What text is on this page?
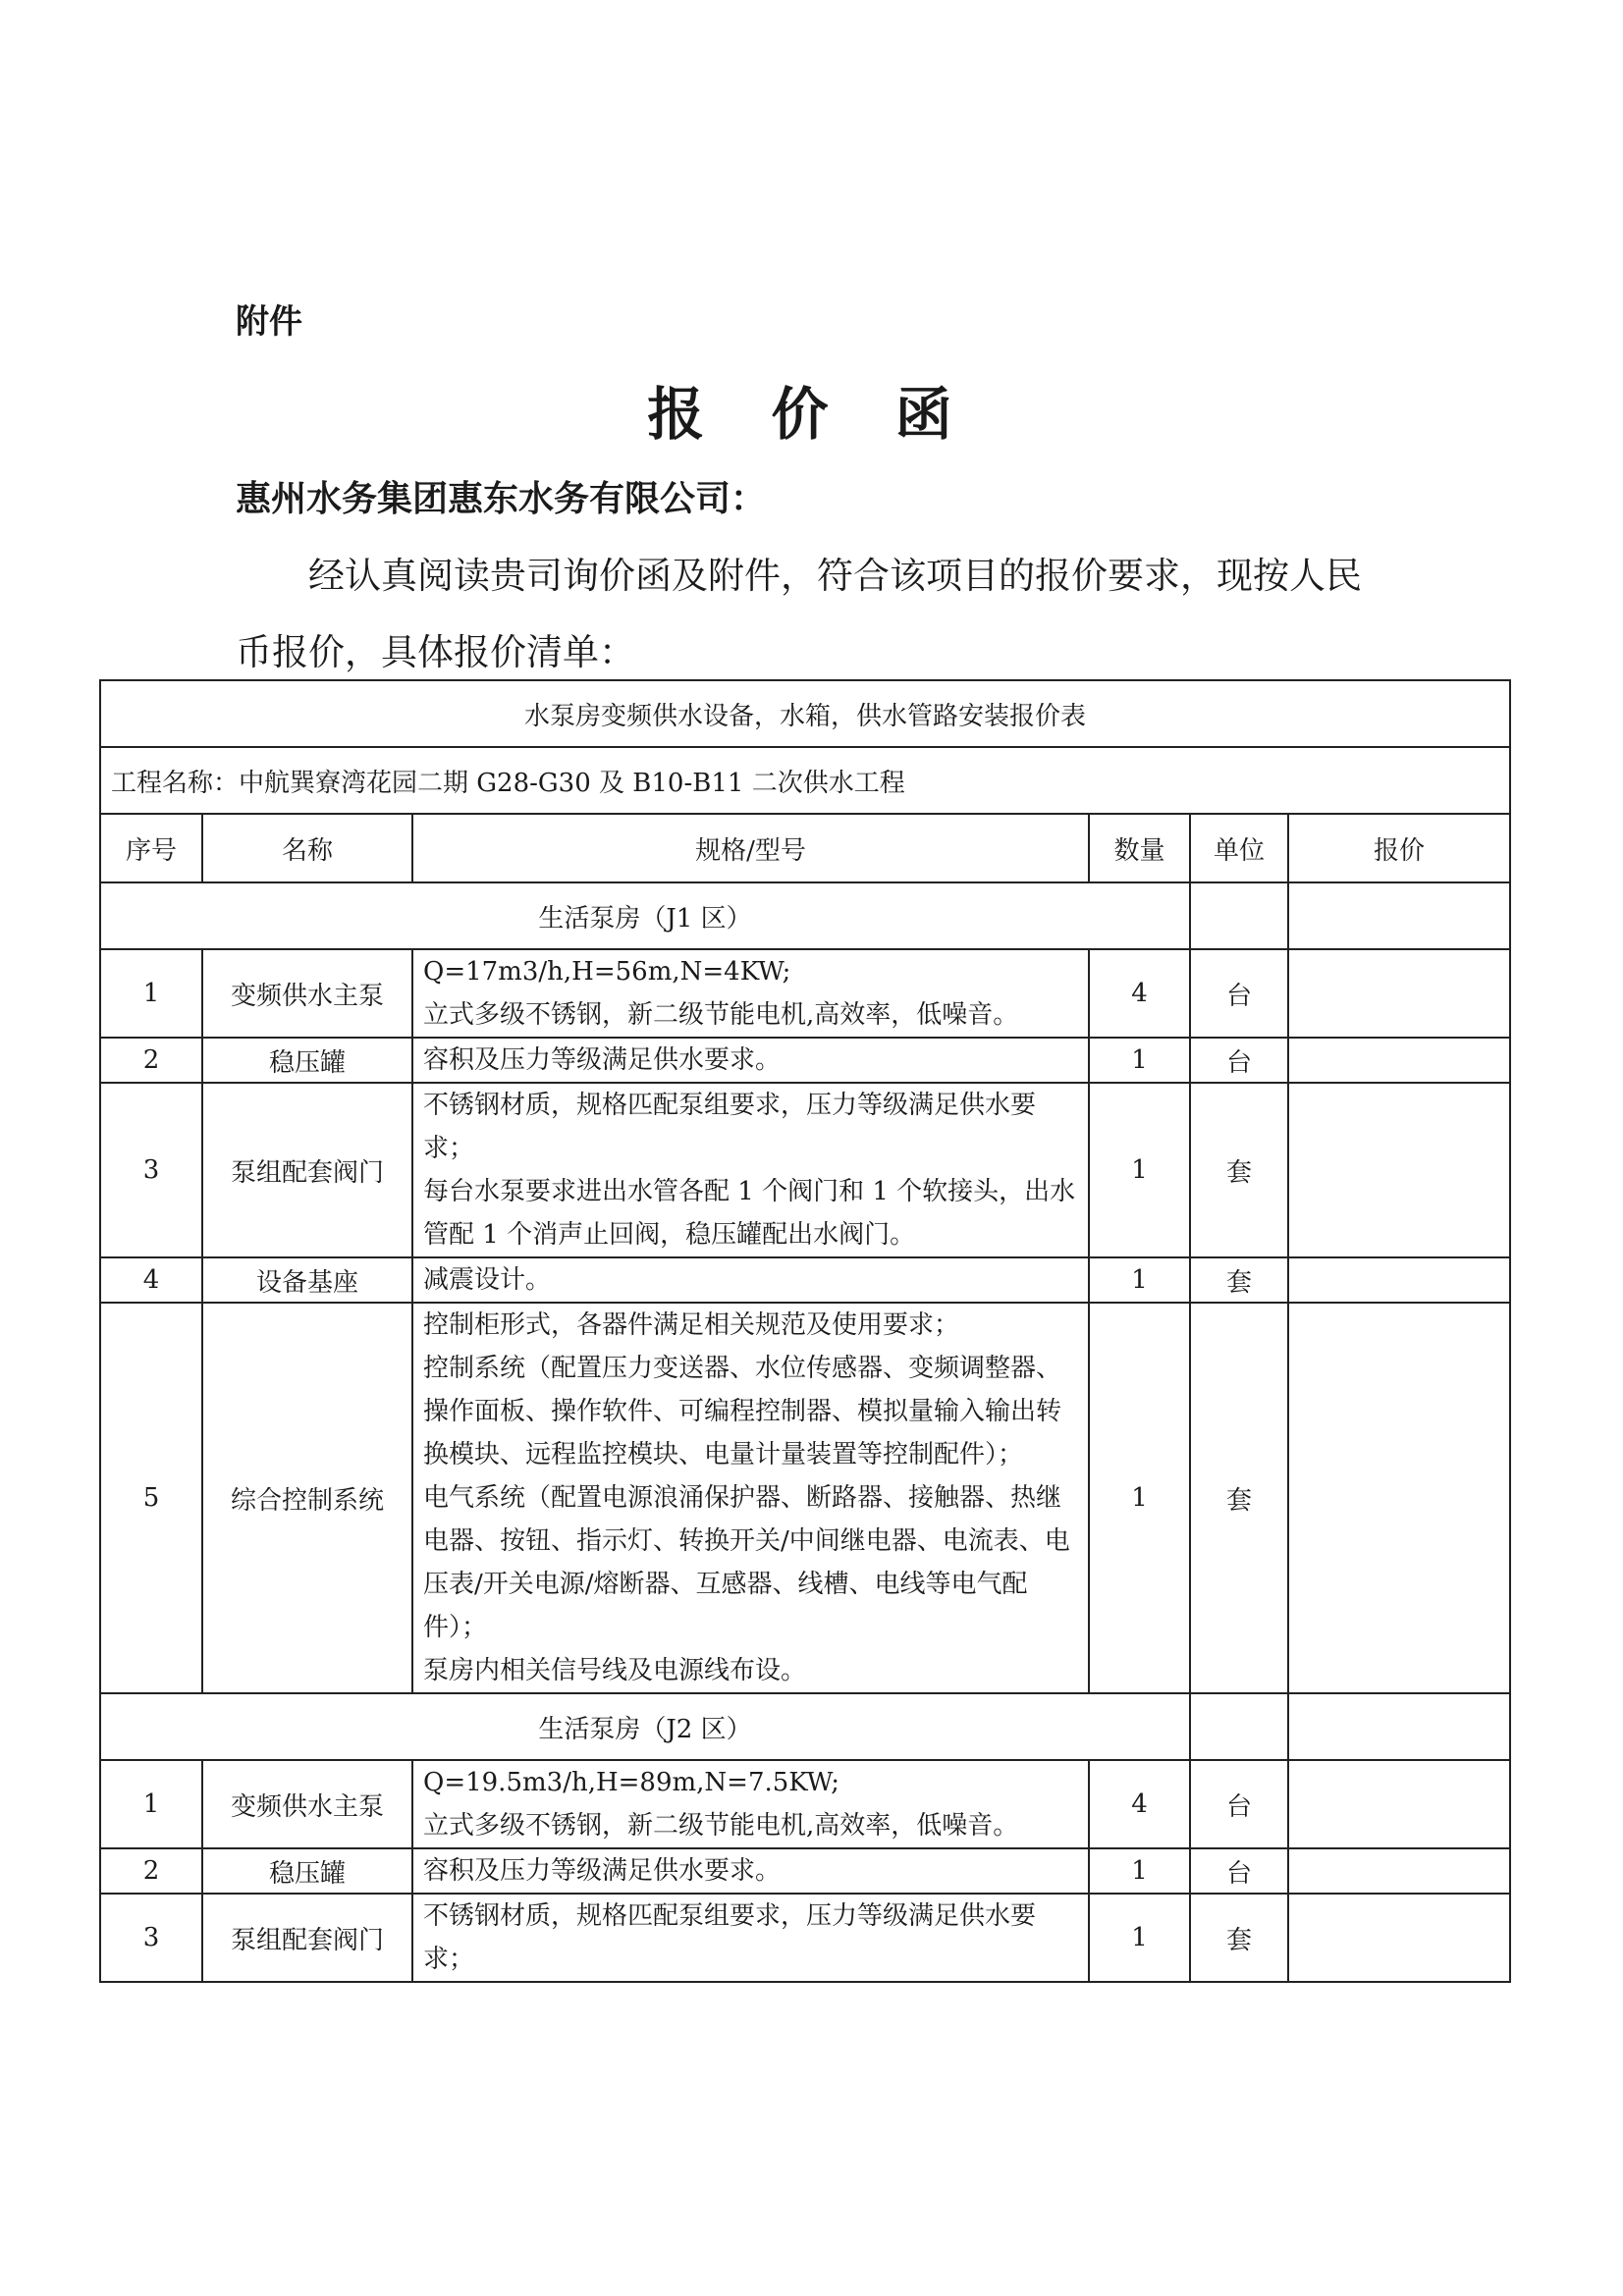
附件
报 价 函
惠州水务集团惠东水务有限公司：
经认真阅读贵司询价函及附件，符合该项目的报价要求，现按人民币报价，具体报价清单：
水泵房变频供水设备，水箱，供水管路安装报价表					
工程名称：中航巽寮湾花园二期 G28-G30 及 B10-B11 二次供水工程					
序号	名称	规格/型号	数量	单位	报价
生活泵房（J1 区）					
1	变频供水主泵	Q=17m3/h,H=56m,N=4KW;
立式多级不锈钢，新二级节能电机,高效率，低噪音。	4	台	
2	稳压罐	容积及压力等级满足供水要求。	1	台	
3	泵组配套阀门	不锈钢材质，规格匹配泵组要求，压力等级满足供水要求；
每台水泵要求进出水管各配 1 个阀门和 1 个软接头，出水管配 1 个消声止回阀，稳压罐配出水阀门。	1	套	
4	设备基座	减震设计。	1	套	
5	综合控制系统	控制柜形式，各器件满足相关规范及使用要求；
控制系统（配置压力变送器、水位传感器、变频调整器、操作面板、操作软件、可编程控制器、模拟量输入输出转换模块、远程监控模块、电量计量装置等控制配件）；
电气系统（配置电源浪涌保护器、断路器、接触器、热继电器、按钮、指示灯、转换开关/中间继电器、电流表、电压表/开关电源/熔断器、互感器、线槽、电线等电气配件）；
泵房内相关信号线及电源线布设。	1	套	
生活泵房（J2 区）					
1	变频供水主泵	Q=19.5m3/h,H=89m,N=7.5KW;
立式多级不锈钢，新二级节能电机,高效率，低噪音。	4	台	
2	稳压罐	容积及压力等级满足供水要求。	1	台	
3	泵组配套阀门	不锈钢材质，规格匹配泵组要求，压力等级满足供水要求；	1	套	
